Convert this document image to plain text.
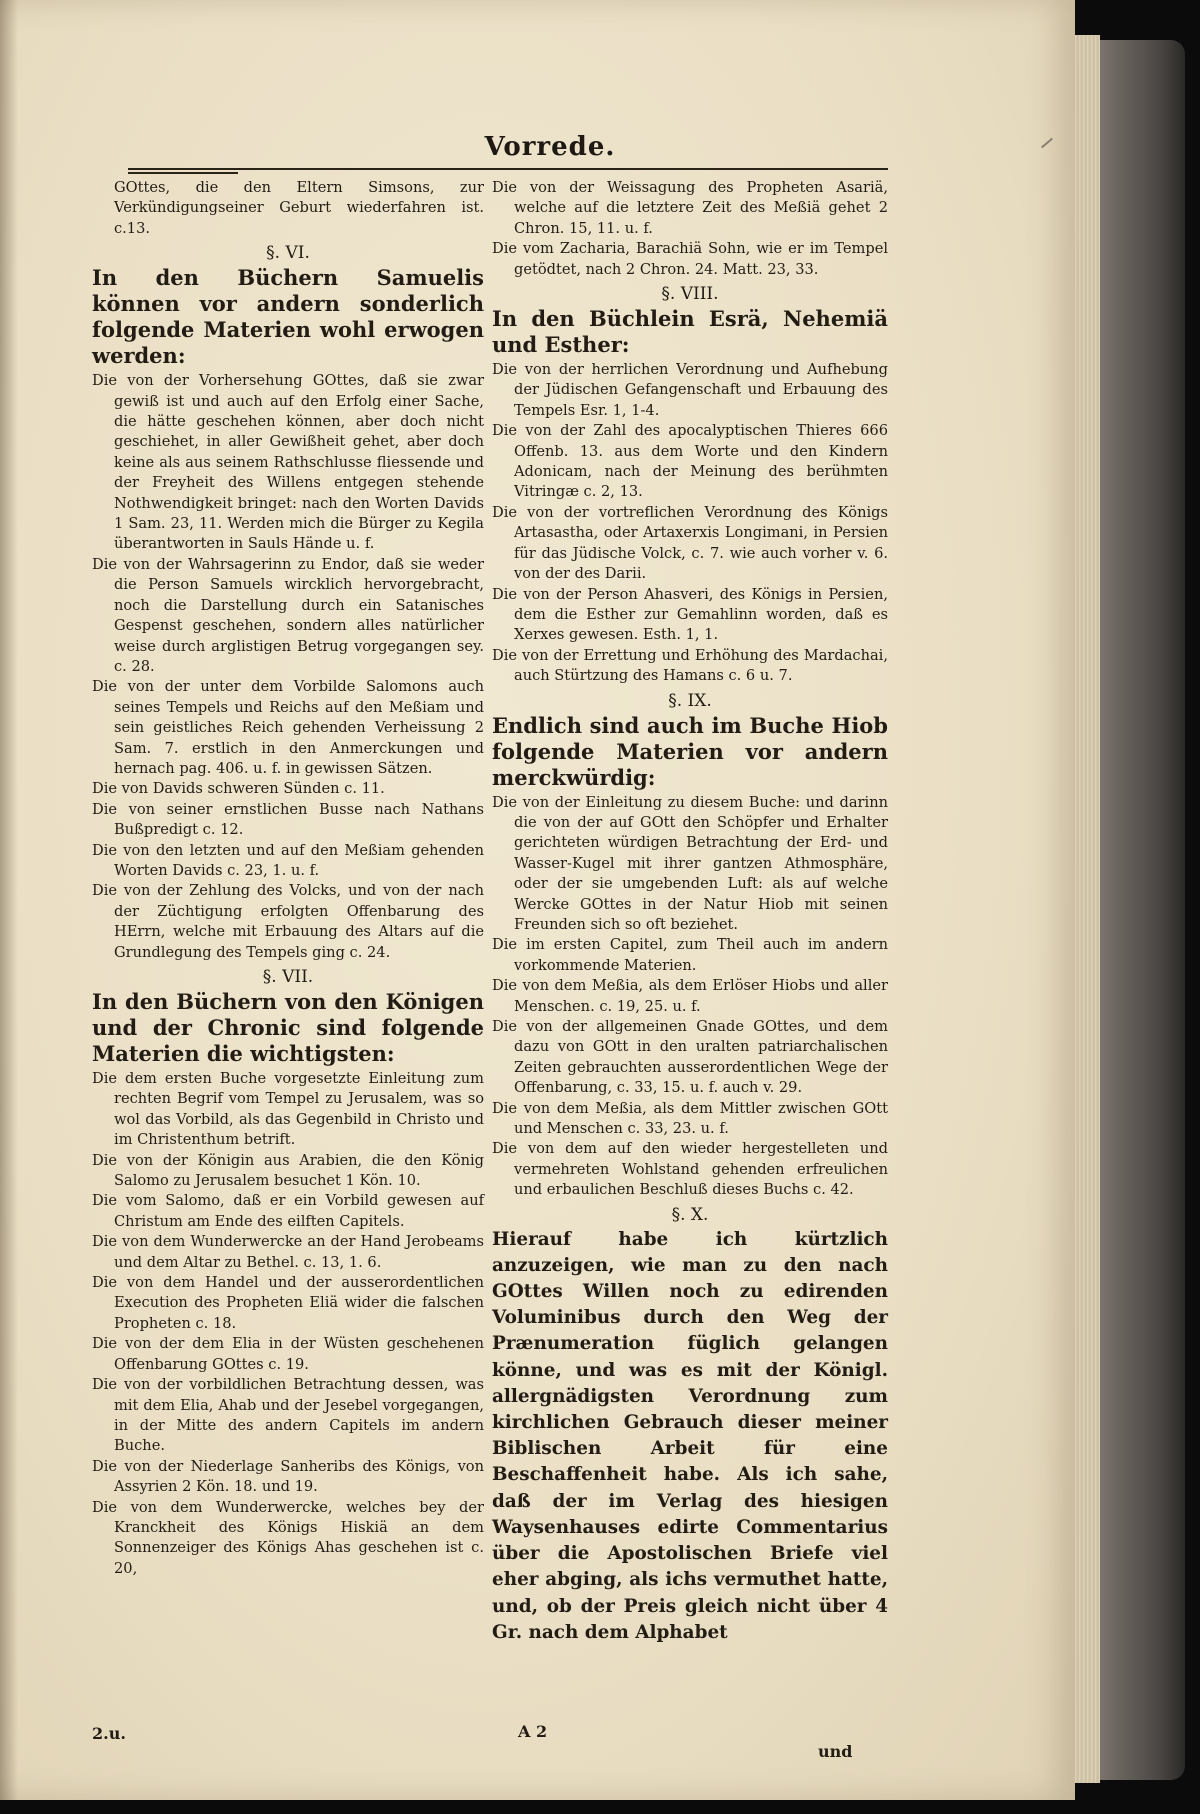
Vorrede.

GOttes, die den Eltern Simsons, zur Verkündigungseiner Geburt wiederfahren ist. c.13.

§. VI.

In den Büchern Samuelis können vor andern sonderlich folgende Materien wohl erwogen werden:

Die von der Vorhersehung GOttes, daß sie zwar gewiß ist und auch auf den Erfolg einer Sache, die hätte geschehen können, aber doch nicht geschiehet, in aller Gewißheit gehet, aber doch keine als aus seinem Rathschlusse fliessende und der Freyheit des Willens entgegen stehende Nothwendigkeit bringet: nach den Worten Davids 1 Sam. 23, 11. Werden mich die Bürger zu Kegila überantworten in Sauls Hände u. f.

Die von der Wahrsagerinn zu Endor, daß sie weder die Person Samuels wircklich hervorgebracht, noch die Darstellung durch ein Satanisches Gespenst geschehen, sondern alles natürlicher weise durch arglistigen Betrug vorgegangen sey. c. 28.

Die von der unter dem Vorbilde Salomons auch seines Tempels und Reichs auf den Meßiam und sein geistliches Reich gehenden Verheissung 2 Sam. 7. erstlich in den Anmerckungen und hernach pag. 406. u. f. in gewissen Sätzen.

Die von Davids schweren Sünden c. 11.

Die von seiner ernstlichen Busse nach Nathans Bußpredigt c. 12.

Die von den letzten und auf den Meßiam gehenden Worten Davids c. 23, 1. u. f.

Die von der Zehlung des Volcks, und von der nach der Züchtigung erfolgten Offenbarung des HErrn, welche mit Erbauung des Altars auf die Grundlegung des Tempels ging c. 24.

§. VII.

In den Büchern von den Königen und der Chronic sind folgende Materien die wichtigsten:

Die dem ersten Buche vorgesetzte Einleitung zum rechten Begrif vom Tempel zu Jerusalem, was so wol das Vorbild, als das Gegenbild in Christo und im Christenthum betrift.

Die von der Königin aus Arabien, die den König Salomo zu Jerusalem besuchet 1 Kön. 10.

Die vom Salomo, daß er ein Vorbild gewesen auf Christum am Ende des eilften Capitels.

Die von dem Wunderwercke an der Hand Jerobeams und dem Altar zu Bethel. c. 13, 1. 6.

Die von dem Handel und der ausserordentlichen Execution des Propheten Eliä wider die falschen Propheten c. 18.

Die von der dem Elia in der Wüsten geschehenen Offenbarung GOttes c. 19.

Die von der vorbildlichen Betrachtung dessen, was mit dem Elia, Ahab und der Jesebel vorgegangen, in der Mitte des andern Capitels im andern Buche.

Die von der Niederlage Sanheribs des Königs, von Assyrien 2 Kön. 18. und 19.

Die von dem Wunderwercke, welches bey der Kranckheit des Königs Hiskiä an dem Sonnenzeiger des Königs Ahas geschehen ist c. 20,

Die von der Weissagung des Propheten Asariä, welche auf die letztere Zeit des Meßiä gehet 2 Chron. 15, 11. u. f.

Die vom Zacharia, Barachiä Sohn, wie er im Tempel getödtet, nach 2 Chron. 24. Matt. 23, 33.

§. VIII.

In den Büchlein Esrä, Nehemiä und Esther:

Die von der herrlichen Verordnung und Aufhebung der Jüdischen Gefangenschaft und Erbauung des Tempels Esr. 1, 1-4.

Die von der Zahl des apocalyptischen Thieres 666 Offenb. 13. aus dem Worte und den Kindern Adonicam, nach der Meinung des berühmten Vitringæ c. 2, 13.

Die von der vortreflichen Verordnung des Königs Artasastha, oder Artaxerxis Longimani, in Persien für das Jüdische Volck, c. 7. wie auch vorher v. 6. von der des Darii.

Die von der Person Ahasveri, des Königs in Persien, dem die Esther zur Gemahlinn worden, daß es Xerxes gewesen. Esth. 1, 1.

Die von der Errettung und Erhöhung des Mardachai, auch Stürtzung des Hamans c. 6 u. 7.

§. IX.

Endlich sind auch im Buche Hiob folgende Materien vor andern merckwürdig:

Die von der Einleitung zu diesem Buche: und darinn die von der auf GOtt den Schöpfer und Erhalter gerichteten würdigen Betrachtung der Erd- und Wasser-Kugel mit ihrer gantzen Athmosphäre, oder der sie umgebenden Luft: als auf welche Wercke GOttes in der Natur Hiob mit seinen Freunden sich so oft beziehet.

Die im ersten Capitel, zum Theil auch im andern vorkommende Materien.

Die von dem Meßia, als dem Erlöser Hiobs und aller Menschen. c. 19, 25. u. f.

Die von der allgemeinen Gnade GOttes, und dem dazu von GOtt in den uralten patriarchalischen Zeiten gebrauchten ausserordentlichen Wege der Offenbarung, c. 33, 15. u. f. auch v. 29.

Die von dem Meßia, als dem Mittler zwischen GOtt und Menschen c. 33, 23. u. f.

Die von dem auf den wieder hergestelleten und vermehreten Wohlstand gehenden erfreulichen und erbaulichen Beschluß dieses Buchs c. 42.

§. X.

Hierauf habe ich kürtzlich anzuzeigen, wie man zu den nach GOttes Willen noch zu edirenden Voluminibus durch den Weg der Prænumeration füglich gelangen könne, und was es mit der Königl. allergnädigsten Verordnung zum kirchlichen Gebrauch dieser meiner Biblischen Arbeit für eine Beschaffenheit habe. Als ich sahe, daß der im Verlag des hiesigen Waysenhauses edirte Commentarius über die Apostolischen Briefe viel eher abging, als ichs vermuthet hatte, und, ob der Preis gleich nicht über 4 Gr. nach dem Alphabet

2.u.	A 2
und
